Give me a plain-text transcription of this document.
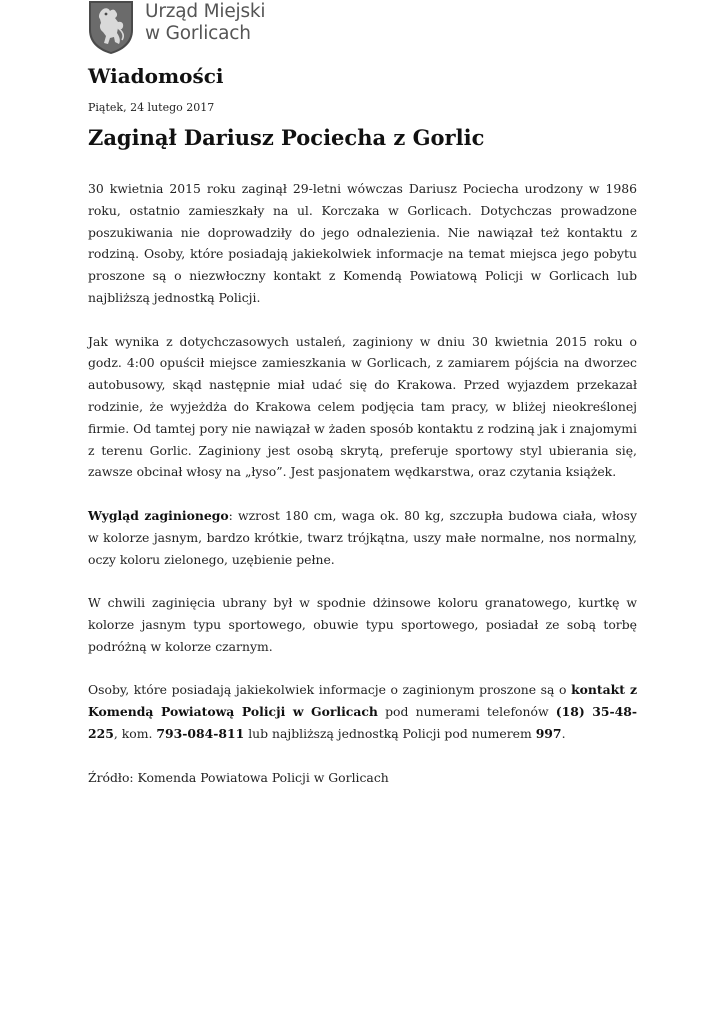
Urząd Miejski
w Gorlicach
Wiadomości
Piątek, 24 lutego 2017
Zaginął Dariusz Pociecha z Gorlic

30 kwietnia 2015 roku zaginął 29-letni wówczas Dariusz Pociecha urodzony w 1986 roku, ostatnio zamieszkały na ul. Korczaka w Gorlicach. Dotychczas prowadzone poszukiwania nie doprowadziły do jego odnalezienia. Nie nawiązał też kontaktu z rodziną. Osoby, które posiadają jakiekolwiek informacje na temat miejsca jego pobytu proszone są o niezwłoczny kontakt z Komendą Powiatową Policji w Gorlicach lub najbliższą jednostką Policji.

Jak wynika z dotychczasowych ustaleń, zaginiony w dniu 30 kwietnia 2015 roku o godz. 4:00 opuścił miejsce zamieszkania w Gorlicach, z zamiarem pójścia na dworzec autobusowy, skąd następnie miał udać się do Krakowa. Przed wyjazdem przekazał rodzinie, że wyjeżdża do Krakowa celem podjęcia tam pracy, w bliżej nieokreślonej firmie. Od tamtej pory nie nawiązał w żaden sposób kontaktu z rodziną jak i znajomymi z terenu Gorlic. Zaginiony jest osobą skrytą, preferuje sportowy styl ubierania się, zawsze obcinał włosy na „łyso”. Jest pasjonatem wędkarstwa, oraz czytania książek.

Wygląd zaginionego: wzrost 180 cm, waga ok. 80 kg, szczupła budowa ciała, włosy w kolorze jasnym, bardzo krótkie, twarz trójkątna, uszy małe normalne, nos normalny, oczy koloru zielonego, uzębienie pełne.

W chwili zaginięcia ubrany był w spodnie dżinsowe koloru granatowego, kurtkę w kolorze jasnym typu sportowego, obuwie typu sportowego, posiadał ze sobą torbę podróżną w kolorze czarnym.

Osoby, które posiadają jakiekolwiek informacje o zaginionym proszone są o kontakt z Komendą Powiatową Policji w Gorlicach pod numerami telefonów (18) 35-48-225, kom. 793-084-811 lub najbliższą jednostką Policji pod numerem 997.

Źródło: Komenda Powiatowa Policji w Gorlicach
